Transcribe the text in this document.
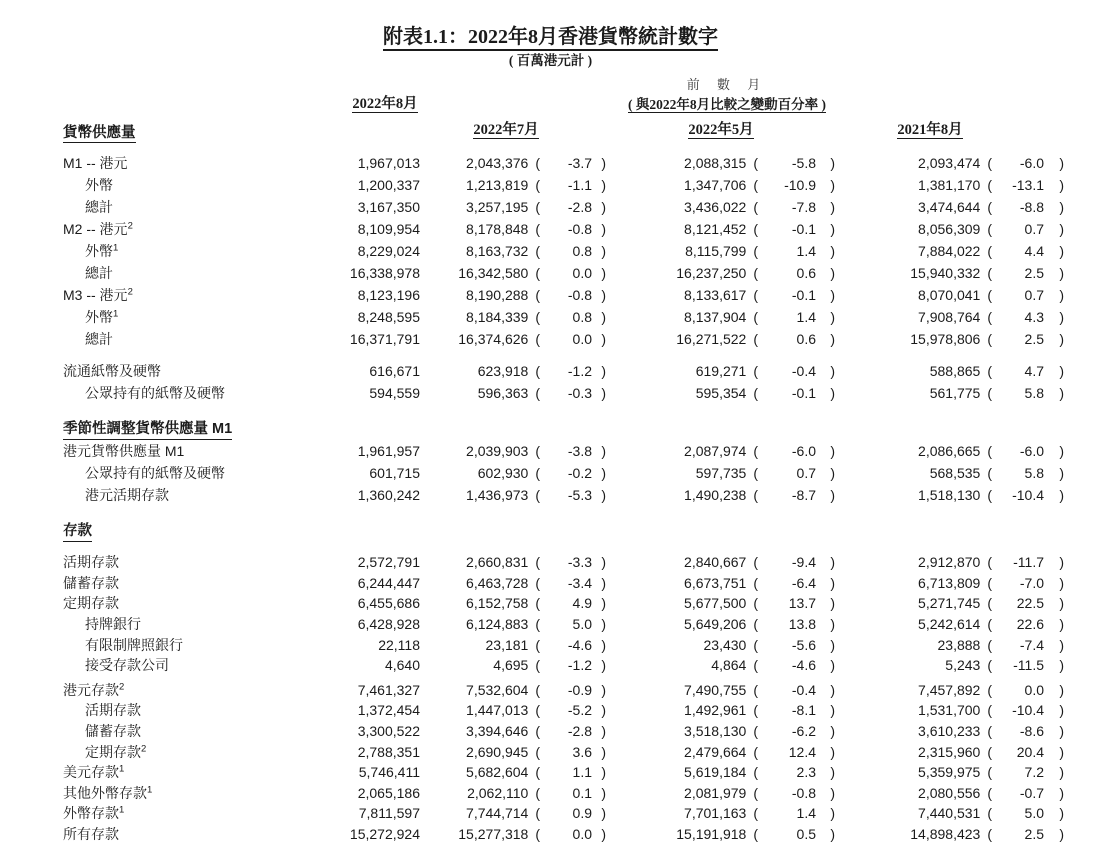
附表1.1：2022年8月香港貨幣統計數字
( 百萬港元計 )
前 數 月
2022年8月	( 與2022年8月比較之變動百分率 )
2022年7月	2022年5月	2021年8月
貨幣供應量
M1 -- 港元	1,967,013	2,043,376 (	-3.7 )	2,088,315 (	-5.8	)	2,093,474 (	-6.0	)
外幣	1,200,337	1,213,819 (	-1.1 )	1,347,706 (	-10.9	)	1,381,170 (	-13.1	)
總計	3,167,350	3,257,195 (	-2.8 )	3,436,022 (	-7.8	)	3,474,644 (	-8.8	)
M2 -- 港元$^2$	8,109,954	8,178,848 (	-0.8 )	8,121,452 (	-0.1	)	8,056,309 (	0.7	)
外幣$^1$	8,229,024	8,163,732 (	0.8 )	8,115,799 (	1.4	)	7,884,022 (	4.4	)
總計	16,338,978	16,342,580 (	0.0 )	16,237,250 (	0.6	)	15,940,332 (	2.5	)
M3 -- 港元$^2$	8,123,196	8,190,288 (	-0.8 )	8,133,617 (	-0.1	)	8,070,041 (	0.7	)
外幣$^1$	8,248,595	8,184,339 (	0.8 )	8,137,904 (	1.4	)	7,908,764 (	4.3	)
總計	16,371,791	16,374,626 (	0.0 )	16,271,522 (	0.6	)	15,978,806 (	2.5	)
流通紙幣及硬幣	616,671	623,918 (	-1.2 )	619,271 (	-0.4	)	588,865 (	4.7	)
公眾持有的紙幣及硬幣	594,559	596,363 (	-0.3 )	595,354 (	-0.1	)	561,775 (	5.8	)
季節性調整貨幣供應量 M1
港元貨幣供應量 M1	1,961,957	2,039,903 (	-3.8 )	2,087,974 (	-6.0	)	2,086,665 (	-6.0	)
公眾持有的紙幣及硬幣	601,715	602,930 (	-0.2 )	597,735 (	0.7	)	568,535 (	5.8	)
港元活期存款	1,360,242	1,436,973 (	-5.3 )	1,490,238 (	-8.7	)	1,518,130 (	-10.4	)
存款
活期存款	2,572,791	2,660,831 (	-3.3 )	2,840,667 (	-9.4	)	2,912,870 (	-11.7	)
儲蓄存款	6,244,447	6,463,728 (	-3.4 )	6,673,751 (	-6.4	)	6,713,809 (	-7.0	)
定期存款	6,455,686	6,152,758 (	4.9 )	5,677,500 (	13.7	)	5,271,745 (	22.5	)
持牌銀行	6,428,928	6,124,883 (	5.0 )	5,649,206 (	13.8	)	5,242,614 (	22.6	)
有限制牌照銀行	22,118	23,181 (	-4.6 )	23,430 (	-5.6	)	23,888 (	-7.4	)
接受存款公司	4,640	4,695 (	-1.2 )	4,864 (	-4.6	)	5,243 (	-11.5	)
港元存款$^2$	7,461,327	7,532,604 (	-0.9 )	7,490,755 (	-0.4	)	7,457,892 (	0.0	)
活期存款	1,372,454	1,447,013 (	-5.2 )	1,492,961 (	-8.1	)	1,531,700 (	-10.4	)
儲蓄存款	3,300,522	3,394,646 (	-2.8 )	3,518,130 (	-6.2	)	3,610,233 (	-8.6	)
定期存款$^2$	2,788,351	2,690,945 (	3.6 )	2,479,664 (	12.4	)	2,315,960 (	20.4	)
美元存款$^1$	5,746,411	5,682,604 (	1.1 )	5,619,184 (	2.3	)	5,359,975 (	7.2	)
其他外幣存款$^1$	2,065,186	2,062,110 (	0.1 )	2,081,979 (	-0.8	)	2,080,556 (	-0.7	)
外幣存款$^1$	7,811,597	7,744,714 (	0.9 )	7,701,163 (	1.4	)	7,440,531 (	5.0	)
所有存款	15,272,924	15,277,318 (	0.0 )	15,191,918 (	0.5	)	14,898,423 (	2.5	)
